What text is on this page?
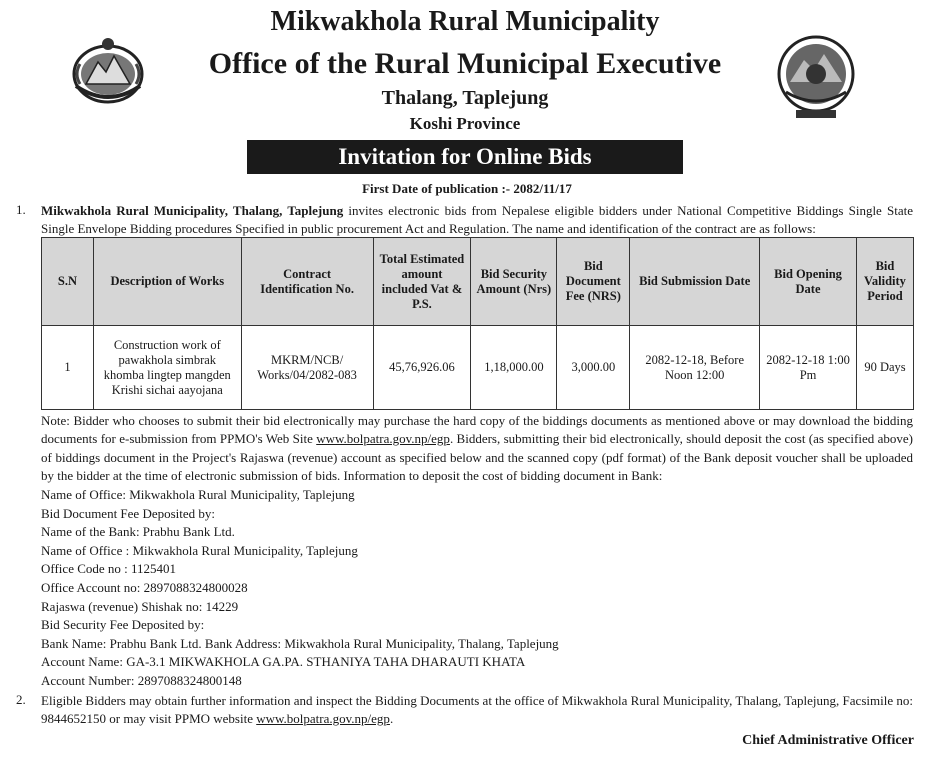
Mikwakhola Rural Municipality
Office of the Rural Municipal Executive
Thalang, Taplejung
Koshi Province
Invitation for Online Bids
First Date of publication :- 2082/11/17
1. Mikwakhola Rural Municipality, Thalang, Taplejung invites electronic bids from Nepalese eligible bidders under National Competitive Biddings Single State Single Envelope Bidding procedures Specified in public procurement Act and Regulation. The name and identification of the contract are as follows:
S.N	Description of Works	Contract Identification No.	Total Estimated amount included Vat & P.S.	Bid Security Amount (Nrs)	Bid Document Fee (NRS)	Bid Submission Date	Bid Opening Date	Bid Validity Period
1	Construction work of pawakhola simbrak khomba lingtep mangden Krishi sichai aayojana	MKRM/NCB/ Works/04/2082-083	45,76,926.06	1,18,000.00	3,000.00	2082-12-18, Before Noon 12:00	2082-12-18 1:00 Pm	90 Days
Note: Bidder who chooses to submit their bid electronically may purchase the hard copy of the biddings documents as mentioned above or may download the bidding documents for e-submission from PPMO's Web Site www.bolpatra.gov.np/egp. Bidders, submitting their bid electronically, should deposit the cost (as specified above) of biddings document in the Project's Rajaswa (revenue) account as specified below and the scanned copy (pdf format) of the Bank deposit voucher shall be uploaded by the bidder at the time of electronic submission of bids. Information to deposit the cost of bidding document in Bank:
Name of Office: Mikwakhola Rural Municipality, Taplejung
Bid Document Fee Deposited by:
Name of the Bank: Prabhu Bank Ltd.
Name of Office : Mikwakhola Rural Municipality, Taplejung
Office Code no : 1125401
Office Account no: 2897088324800028
Rajaswa (revenue) Shishak no: 14229
Bid Security Fee Deposited by:
Bank Name: Prabhu Bank Ltd. Bank Address: Mikwakhola Rural Municipality, Thalang, Taplejung
Account Name: GA-3.1 MIKWAKHOLA GA.PA. STHANIYA TAHA DHARAUTI KHATA
Account Number: 2897088324800148
2. Eligible Bidders may obtain further information and inspect the Bidding Documents at the office of Mikwakhola Rural Municipality, Thalang, Taplejung, Facsimile no: 9844652150 or may visit PPMO website www.bolpatra.gov.np/egp.
Chief Administrative Officer
